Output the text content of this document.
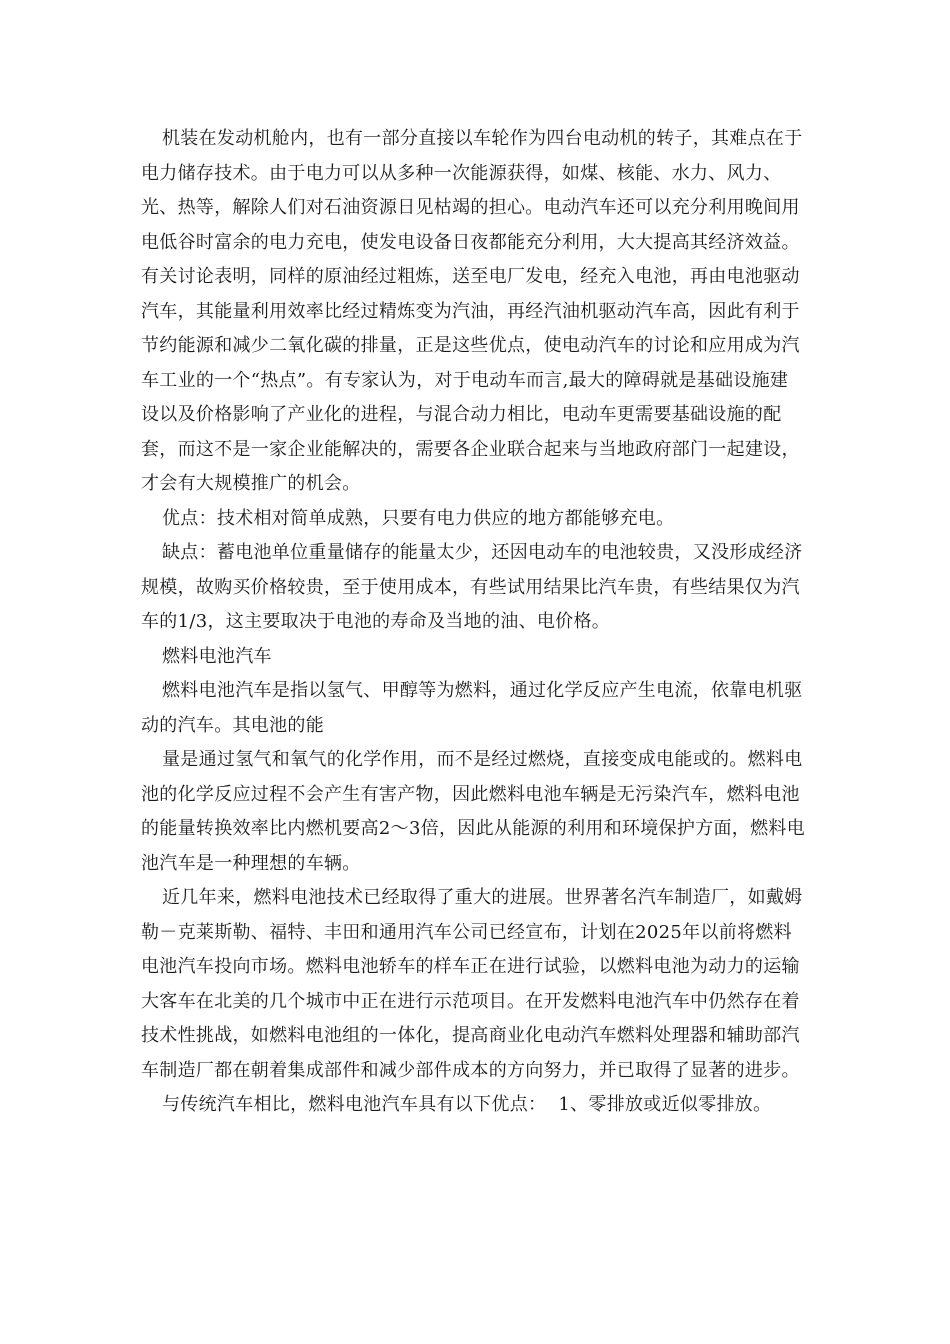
机装在发动机舱内，也有一部分直接以车轮作为四台电动机的转子，其难点在于电力储存技术。由于电力可以从多种一次能源获得，如煤、核能、水力、风力、光、热等，解除人们对石油资源日见枯竭的担心。电动汽车还可以充分利用晚间用电低谷时富余的电力充电，使发电设备日夜都能充分利用，大大提高其经济效益。有关讨论表明，同样的原油经过粗炼，送至电厂发电，经充入电池，再由电池驱动汽车，其能量利用效率比经过精炼变为汽油，再经汽油机驱动汽车高，因此有利于节约能源和减少二氧化碳的排量，正是这些优点，使电动汽车的讨论和应用成为汽车工业的一个“热点”。有专家认为，对于电动车而言,最大的障碍就是基础设施建设以及价格影响了产业化的进程，与混合动力相比，电动车更需要基础设施的配套，而这不是一家企业能解决的，需要各企业联合起来与当地政府部门一起建设，才会有大规模推广的机会。

优点：技术相对简单成熟，只要有电力供应的地方都能够充电。

缺点：蓄电池单位重量储存的能量太少，还因电动车的电池较贵，又没形成经济规模，故购买价格较贵，至于使用成本，有些试用结果比汽车贵，有些结果仅为汽车的1/3，这主要取决于电池的寿命及当地的油、电价格。

燃料电池汽车

燃料电池汽车是指以氢气、甲醇等为燃料，通过化学反应产生电流，依靠电机驱动的汽车。其电池的能

量是通过氢气和氧气的化学作用，而不是经过燃烧，直接变成电能或的。燃料电池的化学反应过程不会产生有害产物，因此燃料电池车辆是无污染汽车，燃料电池的能量转换效率比内燃机要高2～3倍，因此从能源的利用和环境保护方面，燃料电池汽车是一种理想的车辆。

近几年来，燃料电池技术已经取得了重大的进展。世界著名汽车制造厂，如戴姆勒－克莱斯勒、福特、丰田和通用汽车公司已经宣布，计划在2025年以前将燃料电池汽车投向市场。燃料电池轿车的样车正在进行试验，以燃料电池为动力的运输大客车在北美的几个城市中正在进行示范项目。在开发燃料电池汽车中仍然存在着技术性挑战，如燃料电池组的一体化，提高商业化电动汽车燃料处理器和辅助部汽车制造厂都在朝着集成部件和减少部件成本的方向努力，并已取得了显著的进步。

与传统汽车相比，燃料电池汽车具有以下优点：  1、零排放或近似零排放。
